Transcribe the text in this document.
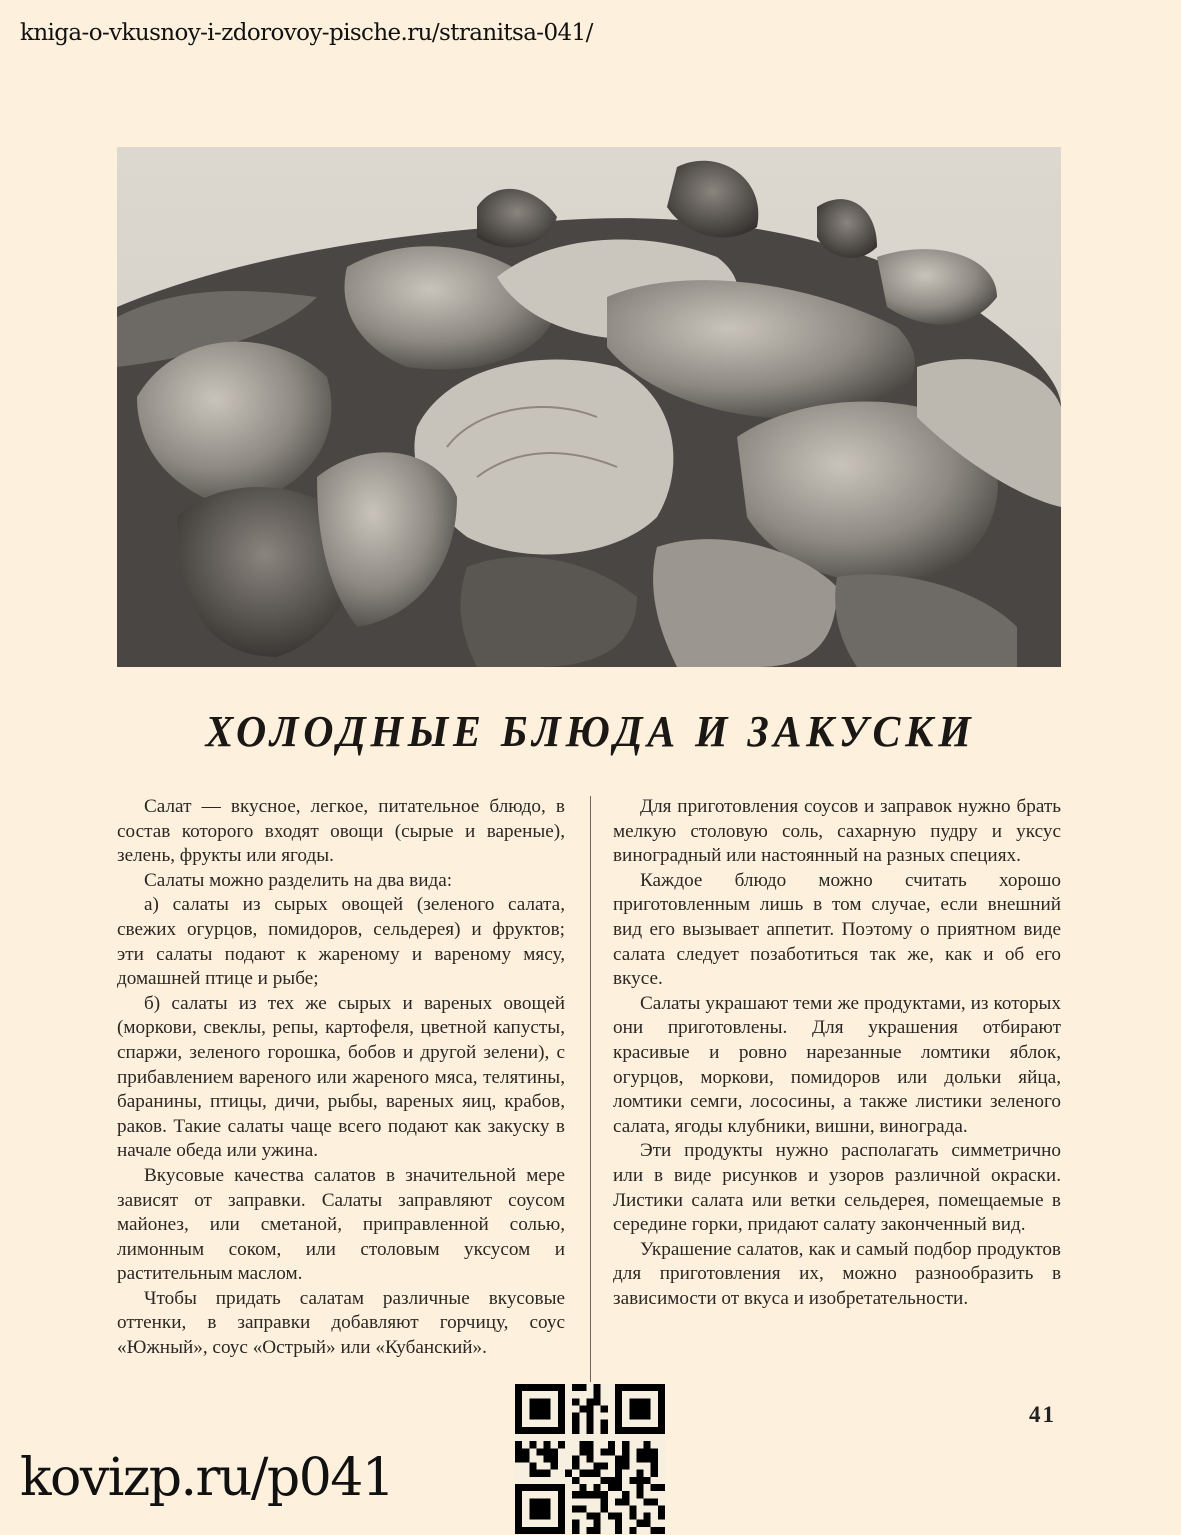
kniga-o-vkusnoy-i-zdorovoy-pische.ru/stranitsa-041/
ХОЛОДНЫЕ БЛЮДА И ЗАКУСКИ

Салат — вкусное, легкое, питательное блюдо, в состав которого входят овощи (сырые и вареные), зелень, фрукты или ягоды.

Салаты можно разделить на два вида:

а) салаты из сырых овощей (зеленого салата, свежих огурцов, помидоров, сельдерея) и фруктов; эти салаты подают к жареному и вареному мясу, домашней птице и рыбе;

б) салаты из тех же сырых и вареных овощей (моркови, свеклы, репы, картофеля, цветной капусты, спаржи, зеленого горошка, бобов и другой зелени), с прибавлением вареного или жареного мяса, телятины, баранины, птицы, дичи, рыбы, вареных яиц, крабов, раков. Такие салаты чаще всего подают как закуску в начале обеда или ужина.

Вкусовые качества салатов в значительной мере зависят от заправки. Салаты заправляют соусом майонез, или сметаной, приправленной солью, лимонным соком, или столовым уксусом и растительным маслом.

Чтобы придать салатам различные вкусовые оттенки, в заправки добавляют горчицу, соус «Южный», соус «Острый» или «Кубанский».

Для приготовления соусов и заправок нужно брать мелкую столовую соль, сахарную пудру и уксус виноградный или настоянный на разных специях.

Каждое блюдо можно считать хорошо приготовленным лишь в том случае, если внешний вид его вызывает аппетит. Поэтому о приятном виде салата следует позаботиться так же, как и об его вкусе.

Салаты украшают теми же продуктами, из которых они приготовлены. Для украшения отбирают красивые и ровно нарезанные ломтики яблок, огурцов, моркови, помидоров или дольки яйца, ломтики семги, лососины, а также листики зеленого салата, ягоды клубники, вишни, винограда.

Эти продукты нужно располагать симметрично или в виде рисунков и узоров различной окраски. Листики салата или ветки сельдерея, помещаемые в середине горки, придают салату законченный вид.

Украшение салатов, как и самый подбор продуктов для приготовления их, можно разнообразить в зависимости от вкуса и изобретательности.

41
kovizp.ru/p041
